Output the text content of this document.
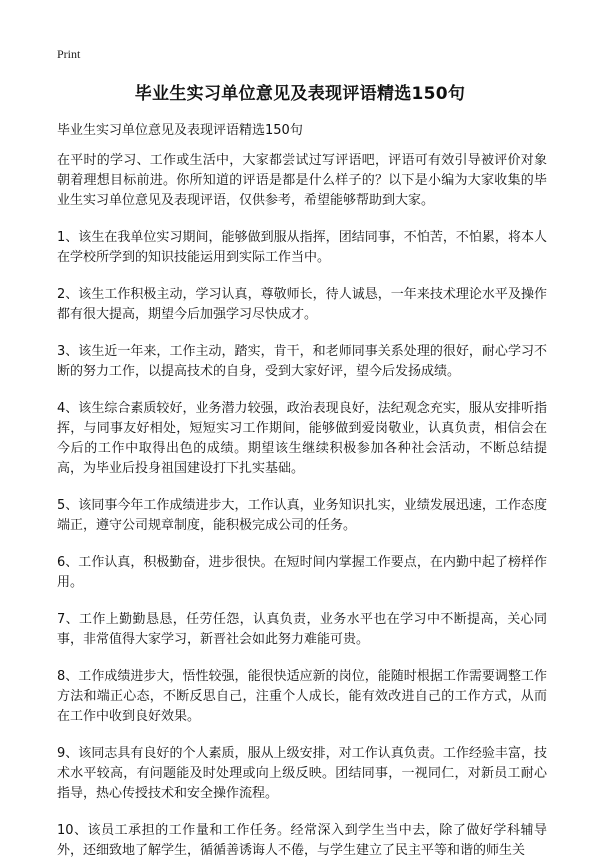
Print
毕业生实习单位意见及表现评语精选150句

毕业生实习单位意见及表现评语精选150句

在平时的学习、工作或生活中，大家都尝试过写评语吧，评语可有效引导被评价对象朝着理想目标前进。你所知道的评语是都是什么样子的？以下是小编为大家收集的毕业生实习单位意见及表现评语，仅供参考，希望能够帮助到大家。

1、该生在我单位实习期间，能够做到服从指挥，团结同事，不怕苦，不怕累，将本人在学校所学到的知识技能运用到实际工作当中。

2、该生工作积极主动，学习认真，尊敬师长，待人诚恳，一年来技术理论水平及操作都有很大提高，期望今后加强学习尽快成才。

3、该生近一年来，工作主动，踏实，肯干，和老师同事关系处理的很好，耐心学习不断的努力工作，以提高技术的自身，受到大家好评，望今后发扬成绩。

4、该生综合素质较好，业务潜力较强，政治表现良好，法纪观念充实，服从安排听指挥，与同事友好相处，短短实习工作期间，能够做到爱岗敬业，认真负责，相信会在今后的工作中取得出色的成绩。期望该生继续积极参加各种社会活动，不断总结提高，为毕业后投身祖国建设打下扎实基础。

5、该同事今年工作成绩进步大，工作认真，业务知识扎实，业绩发展迅速，工作态度端正，遵守公司规章制度，能积极完成公司的任务。

6、工作认真，积极勤奋，进步很快。在短时间内掌握工作要点，在内勤中起了榜样作用。

7、工作上勤勤恳恳，任劳任怨，认真负责，业务水平也在学习中不断提高，关心同事，非常值得大家学习，新晋社会如此努力难能可贵。

8、工作成绩进步大，悟性较强，能很快适应新的岗位，能随时根据工作需要调整工作方法和端正心态，不断反思自己，注重个人成长，能有效改进自己的工作方式，从而在工作中收到良好效果。

9、该同志具有良好的个人素质，服从上级安排，对工作认真负责。工作经验丰富，技术水平较高，有问题能及时处理或向上级反映。团结同事，一视同仁，对新员工耐心指导，热心传授技术和安全操作流程。

10、该员工承担的工作量和工作任务。经常深入到学生当中去，除了做好学科辅导外，还细致地了解学生，循循善诱诲人不倦，与学生建立了民主平等和谐的师生关
